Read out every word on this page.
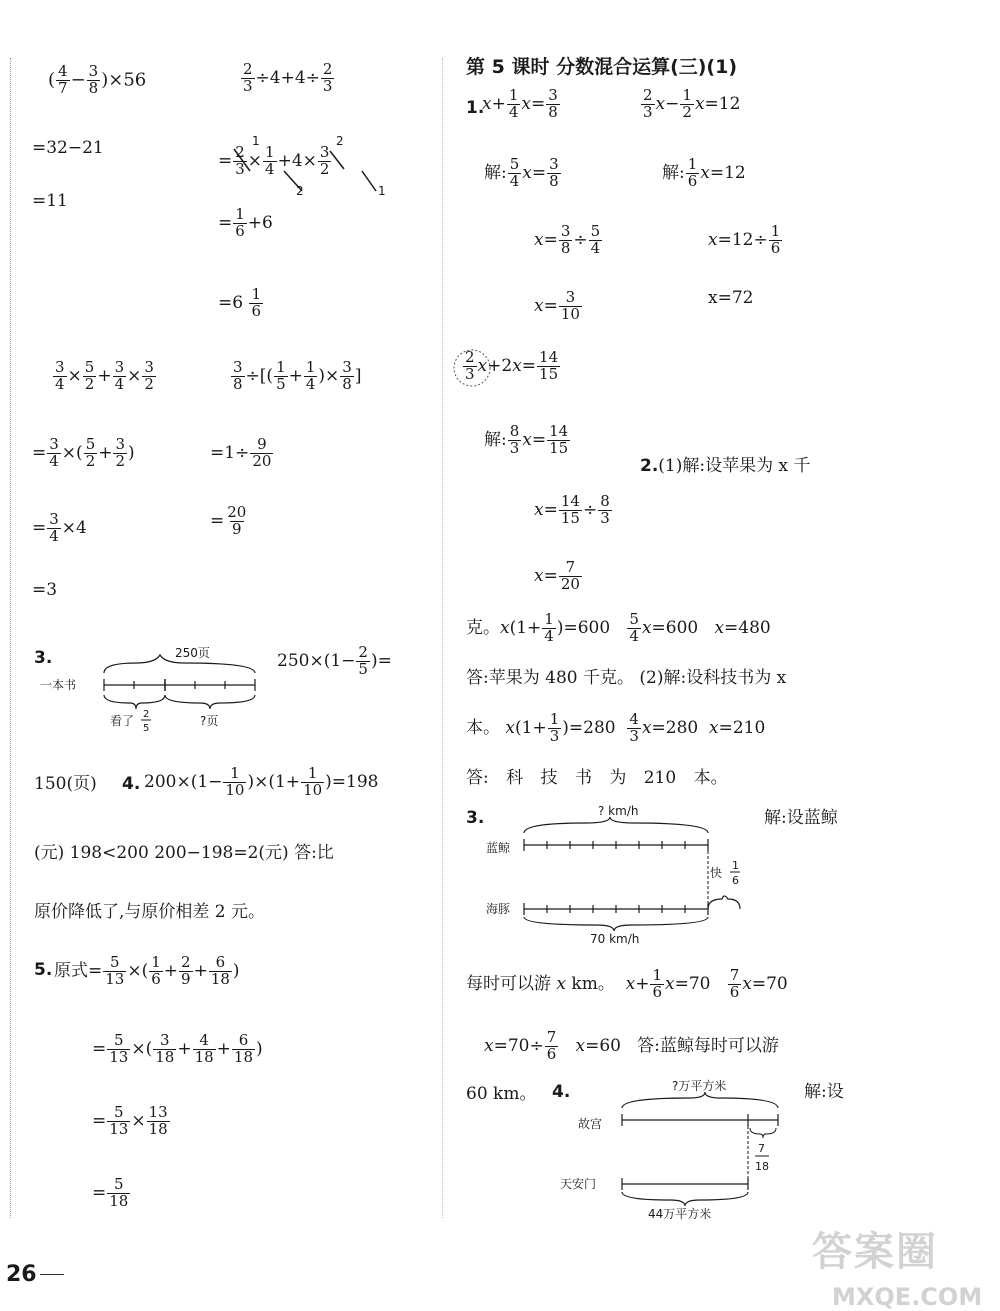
( $\frac{4}{7} - \frac{3}{8} )\times 56$
=32−21
=11
$\frac{2}{3} \div 4+4\div \frac{2}{3}$
= $\frac{2}{3} \times \frac{1}{4} +4\times \frac{3}{2}$
1
2
2
1
= $\frac{1}{6} +6$
$=6 \frac{1}{6}$
$\frac{3}{4} \times \frac{5}{2} + \frac{3}{4} \times \frac{3}{2}$
= $\frac{3}{4}$ ×( $\frac{5}{2} + \frac{3}{2}$ )
= $\frac{3}{4} \times 4$
=3
$\frac{3}{8}$ ÷[( $\frac{1}{5} + \frac{1}{4}$ )× $\frac{3}{8}$ ]
$=1\div \frac{9}{20}$
= $\frac{20}{9}$
3.	250页
一本书
看了 2
5
?页
$250\times(1- \frac{2}{5}$ )=
150(页) 4. $200\times(1- \frac{1}{10} )\times(1+ \frac{1}{10} )=198$
(元) 198<200 200−198=2(元) 答:比
原价降低了,与原价相差 2 元。
5. 原式= $\frac{5}{13}$ ×( $\frac{1}{6} + \frac{2}{9} + \frac{6}{18}$ )
= $\frac{5}{13}$ ×( $\frac{3}{18} + \frac{4}{18} + \frac{6}{18}$ )
= $\frac{5}{13} \times \frac{13}{18}$
= $\frac{5}{18}$
第 5 课时 分数混合运算(三)(1)
1.
$x+ \frac{1}{4} x= \frac{3}{8}$	$\frac{2}{3} x- \frac{1}{2} x=12$
解: $\frac{5}{4} x= \frac{3}{8}$	解: $\frac{1}{6} x=12$
$x= \frac{3}{8} \div \frac{5}{4}$	$x=12\div \frac{1}{6}$
$x= \frac{3}{10}$	x=72
$\frac{2}{3} x+2x= \frac{14}{15}$
解: $\frac{8}{3} x= \frac{14}{15}$
$x= \frac{14}{15} \div \frac{8}{3}$
$x= \frac{7}{20}$
2.(1)解:设苹果为 x 千
克。$x(1+ \frac{1}{4} )=600 \frac{5}{4} x=600$   x=480
答:苹果为 480 千克。 (2)解:设科技书为 x
本。 $x(1+ \frac{1}{3} )=280 \frac{4}{3} x=280$  x=210
答: 科 技 书 为 210 本。
3.	解:设蓝鲸
? km/h
蓝鲸
快
1
6
海豚
70 km/h
每时可以游 x km。  $x+ \frac{1}{6} x=70 \frac{7}{6} x=70$
$x=70\div \frac{7}{6} x=60$   答:蓝鲸每时可以游
60 km。 4.	解:设
?万平方米
故宫
7
18
天安门
44万平方米
26	答案圈
MXQE.COM
